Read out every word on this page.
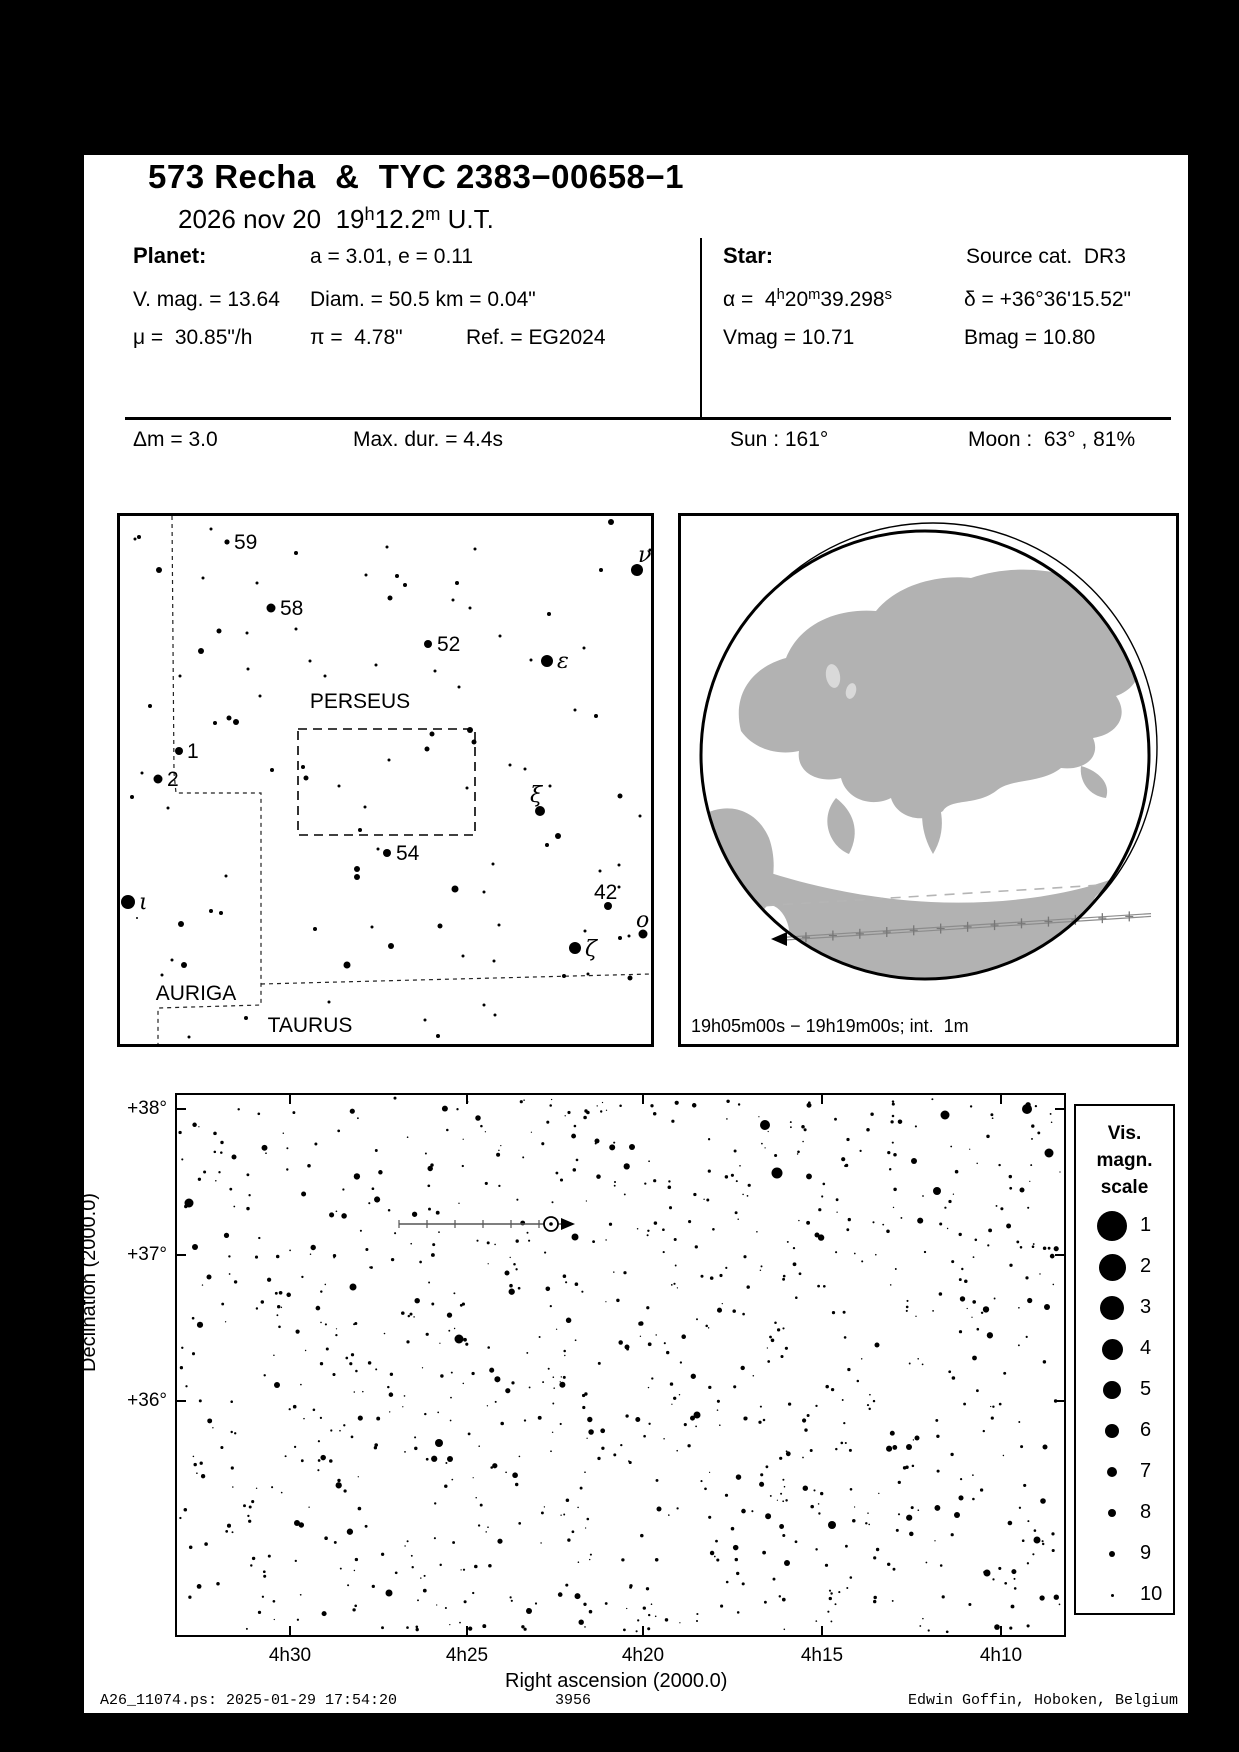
573 Recha  &  TYC 2383−00658−1
2026 nov 20  19$^h$12.2$^m$ U.T.
Planet:	a = 3.01, e = 0.11
V. mag. = 13.64 Diam. = 50.5 km = 0.04"
μ =  30.85"/h	π =  4.78"	Ref. = EG2024
Star:	Source cat.  DR3
α =  4$^h$20$^m$39.298$^s$	δ = +36°36'15.52"
Vmag = 10.71	Bmag = 10.80
Δm = 3.0	Max. dur. = 4.4s	Sun : 161°	Moon :  63° , 81%
59
58
52
ε
ν
1
2
54
ι
ξ
42
ο
ζ
PERSEUS
AURIGA
TAURUS	19h05m00s − 19h19m00s; int.  1m
4h30	4h25	4h20	4h15	4h10
+38°
+37°
+36°
Right ascension (2000.0)
Declination (2000.0)
Vis.
magn.
scale
1
2
3
4
5
6
7
8
9
10
A26_11074.ps: 2025-01-29 17:54:20	3956	Edwin Goffin, Hoboken, Belgium
